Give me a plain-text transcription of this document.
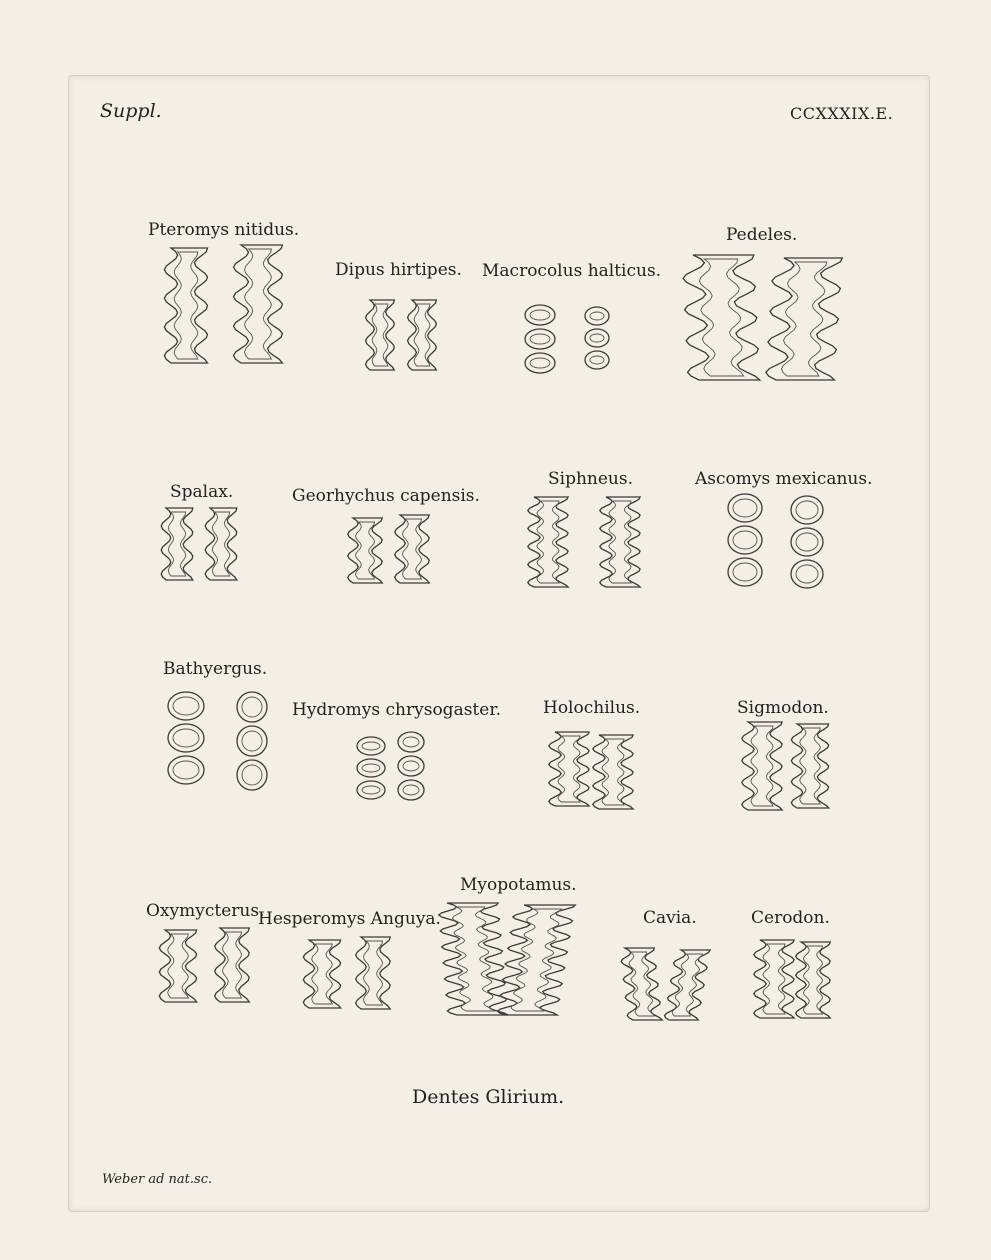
Suppl.	CCXXXIX.E.
Pteromys nitidus.
Dipus hirtipes. Macrocolus halticus.
Pedeles.
Spalax.	Georhychus capensis.
Siphneus.	Ascomys mexicanus.
Bathyergus.
Hydromys chrysogaster. Holochilus.	Sigmodon.
Oxymycterus.
Hesperomys Anguya.
Myopotamus.
Cavia.	Cerodon.
Dentes Glirium.
Weber ad nat.sc.
